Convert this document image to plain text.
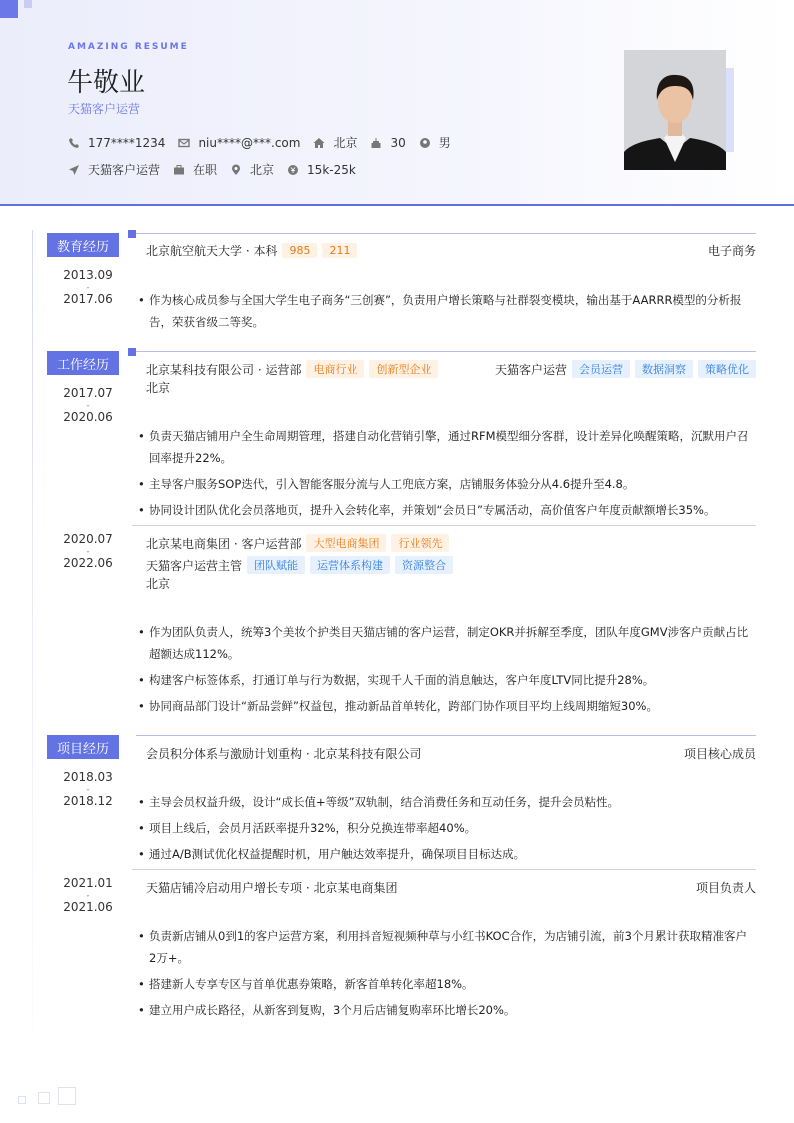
AMAZING RESUME
牛敬业
天猫客户运营
177****1234	niu****@***.com	北京	30	男
天猫客户运营	在职	北京	15k-25k
教育经历
2013.09
-
2017.06
北京航空航天大学 · 本科	985	211	电子商务
• 作为核心成员参与全国大学生电子商务“三创赛”，负责用户增长策略与社群裂变模块，输出基于AARRR模型的分析报告，荣获省级二等奖。
工作经历
2017.07
-
2020.06
北京某科技有限公司 · 运营部	电商行业	创新型企业	天猫客户运营	会员运营	数据洞察	策略优化
北京
• 负责天猫店铺用户全生命周期管理，搭建自动化营销引擎，通过RFM模型细分客群，设计差异化唤醒策略，沉默用户召回率提升22%。
• 主导客户服务SOP迭代，引入智能客服分流与人工兜底方案，店铺服务体验分从4.6提升至4.8。
• 协同设计团队优化会员落地页，提升入会转化率，并策划“会员日”专属活动，高价值客户年度贡献额增长35%。
2020.07
-
2022.06
北京某电商集团 · 客户运营部	大型电商集团	行业领先
天猫客户运营主管	团队赋能	运营体系构建	资源整合
北京
• 作为团队负责人，统筹3个美妆个护类目天猫店铺的客户运营，制定OKR并拆解至季度，团队年度GMV涉客户贡献占比超额达成112%。
• 构建客户标签体系，打通订单与行为数据，实现千人千面的消息触达，客户年度LTV同比提升28%。
• 协同商品部门设计“新品尝鲜”权益包，推动新品首单转化，跨部门协作项目平均上线周期缩短30%。
项目经历
2018.03
-
2018.12
会员积分体系与激励计划重构 · 北京某科技有限公司	项目核心成员
• 主导会员权益升级，设计“成长值+等级”双轨制，结合消费任务和互动任务，提升会员粘性。
• 项目上线后，会员月活跃率提升32%，积分兑换连带率超40%。
• 通过A/B测试优化权益提醒时机，用户触达效率提升，确保项目目标达成。
2021.01
-
2021.06
天猫店铺冷启动用户增长专项 · 北京某电商集团	项目负责人
• 负责新店铺从0到1的客户运营方案，利用抖音短视频种草与小红书KOC合作，为店铺引流，前3个月累计获取精准客户2万+。
• 搭建新人专享专区与首单优惠券策略，新客首单转化率超18%。
• 建立用户成长路径，从新客到复购，3个月后店铺复购率环比增长20%。
